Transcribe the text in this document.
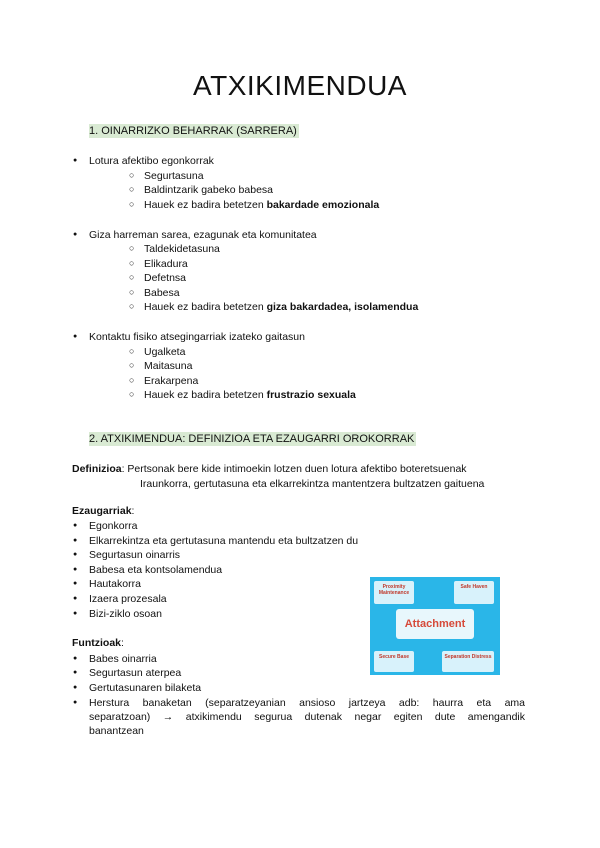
ATXIKIMENDUA
1. OINARRIZKO BEHARRAK (SARRERA)
● Lotura afektibo egonkorrak
○ Segurtasuna
○ Baldintzarik gabeko babesa
○ Hauek ez badira betetzen bakardade emozionala
● Giza harreman sarea, ezagunak eta komunitatea
○ Taldekidetasuna
○ Elikadura
○ Defetnsa
○ Babesa
○ Hauek ez badira betetzen giza bakardadea, isolamendua
● Kontaktu fisiko atsegingarriak izateko gaitasun
○ Ugalketa
○ Maitasuna
○ Erakarpena
○ Hauek ez badira betetzen frustrazio sexuala
2. ATXIKIMENDUA: DEFINIZIOA ETA EZAUGARRI OROKORRAK
Definizioa: Pertsonak bere kide intimoekin lotzen duen lotura afektibo boteretsuenak
Iraunkorra, gertutasuna eta elkarrekintza mantentzera bultzatzen gaituena
Ezaugarriak:
● Egonkorra
● Elkarrekintza eta gertutasuna mantendu eta bultzatzen du
● Segurtasun oinarris
● Babesa eta kontsolamendua
● Hautakorra
● Izaera prozesala
● Bizi-ziklo osoan
Funtzioak:
● Babes oinarria
● Segurtasun aterpea
● Gertutasunaren bilaketa
● Herstura banaketan (separatzeyanian ansioso jartzeya adb: haurra eta ama
separatzoan) → atxikimendu segurua dutenak negar egiten dute amengandik
banantzean
Proximity Maintenance
Safe Haven
Attachment
Secure Base	Separation Distress
